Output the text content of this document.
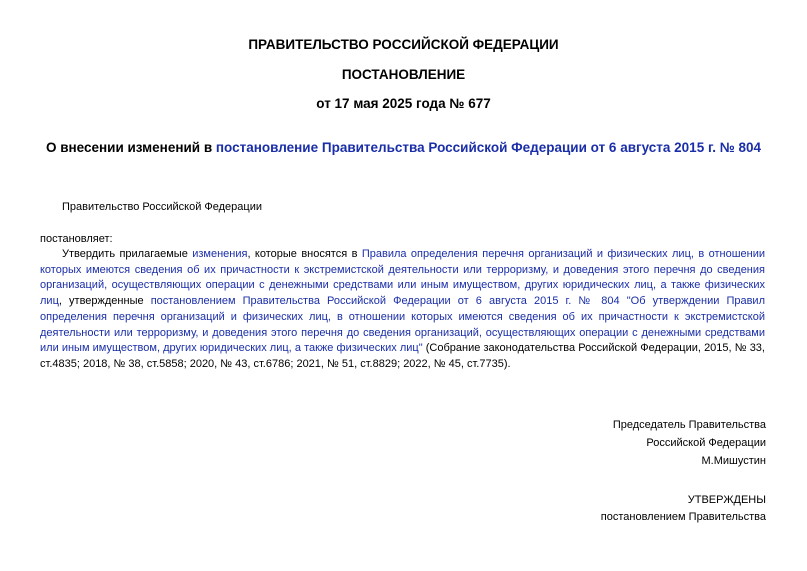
ПРАВИТЕЛЬСТВО РОССИЙСКОЙ ФЕДЕРАЦИИ
ПОСТАНОВЛЕНИЕ
от 17 мая 2025 года № 677
О внесении изменений в постановление Правительства Российской Федерации от 6 августа 2015 г. № 804
Правительство Российской Федерации
постановляет:
Утвердить прилагаемые изменения, которые вносятся в Правила определения перечня организаций и физических лиц, в отношении которых имеются сведения об их причастности к экстремистской деятельности или терроризму, и доведения этого перечня до сведения организаций, осуществляющих операции с денежными средствами или иным имуществом, других юридических лиц, а также физических лиц, утвержденные постановлением Правительства Российской Федерации от 6 августа 2015 г. № 804 "Об утверждении Правил определения перечня организаций и физических лиц, в отношении которых имеются сведения об их причастности к экстремистской деятельности или терроризму, и доведения этого перечня до сведения организаций, осуществляющих операции с денежными средствами или иным имуществом, других юридических лиц, а также физических лиц" (Собрание законодательства Российской Федерации, 2015, № 33, ст.4835; 2018, № 38, ст.5858; 2020, № 43, ст.6786; 2021, № 51, ст.8829; 2022, № 45, ст.7735).
Председатель Правительства
Российской Федерации
М.Мишустин
УТВЕРЖДЕНЫ
постановлением Правительства
